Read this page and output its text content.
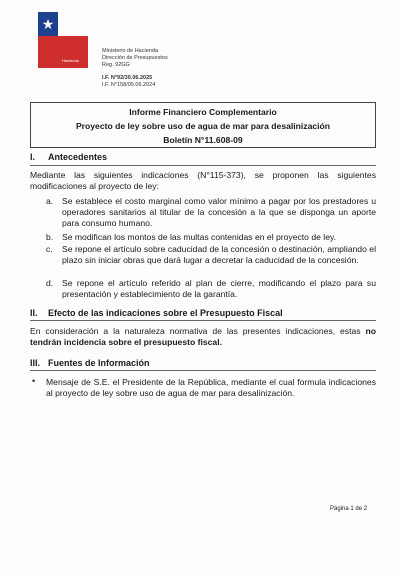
★ Gobierno de
Chile
Hacienda
Ministerio de Hacienda
Dirección de Presupuestos
Reg. 92GG
I.F. N°92/30.06.2025
I.F. N°158/05.06.2024
Informe Financiero Complementario
Proyecto de ley sobre uso de agua de mar para desalinización
Boletín N°11.608-09
I. Antecedentes
Mediante las siguientes indicaciones (N°115-373), se proponen las siguientes modificaciones al proyecto de ley:
a. Se establece el costo marginal como valor mínimo a pagar por los prestadores u operadores sanitarios al titular de la concesión a la que se disponga un aporte para consumo humano.
b. Se modifican los montos de las multas contenidas en el proyecto de ley.
c. Se repone el artículo sobre caducidad de la concesión o destinación, ampliando el plazo sin iniciar obras que dará lugar a decretar la caducidad de la concesión.
d. Se repone el artículo referido al plan de cierre, modificando el plazo para su presentación y establecimiento de la garantía.
II. Efecto de las indicaciones sobre el Presupuesto Fiscal
En consideración a la naturaleza normativa de las presentes indicaciones, estas no tendrán incidencia sobre el presupuesto fiscal.
III. Fuentes de Información
• Mensaje de S.E. el Presidente de la República, mediante el cual formula indicaciones al proyecto de ley sobre uso de agua de mar para desalinización.
Página 1 de 2
